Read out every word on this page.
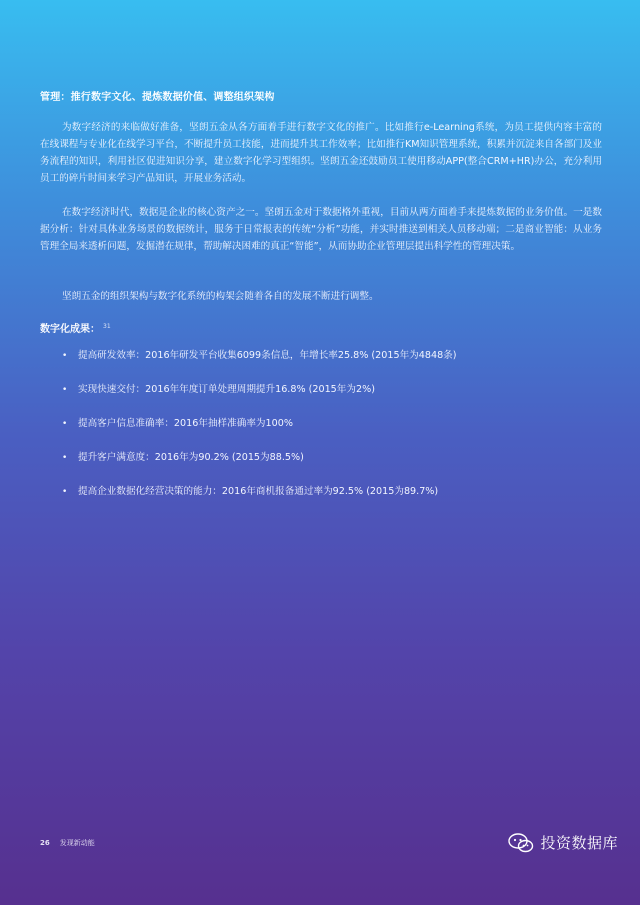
管理：推行数字文化、提炼数据价值、调整组织架构

为数字经济的来临做好准备，坚朗五金从各方面着手进行数字文化的推广。比如推行e-Learning系统，为员工提供内容丰富的在线课程与专业化在线学习平台，不断提升员工技能，进而提升其工作效率；比如推行KM知识管理系统，积累并沉淀来自各部门及业务流程的知识，利用社区促进知识分享，建立数字化学习型组织。坚朗五金还鼓励员工使用移动APP(整合CRM+HR)办公，充分利用员工的碎片时间来学习产品知识，开展业务活动。

在数字经济时代，数据是企业的核心资产之一。坚朗五金对于数据格外重视，目前从两方面着手来提炼数据的业务价值。一是数据分析：针对具体业务场景的数据统计，服务于日常报表的传统“分析”功能，并实时推送到相关人员移动端；二是商业智能：从业务管理全局来透析问题，发掘潜在规律，帮助解决困难的真正“智能”，从而协助企业管理层提出科学性的管理决策。

坚朗五金的组织架构与数字化系统的构架会随着各自的发展不断进行调整。

数字化成果： $^{31}$
• 提高研发效率：2016年研发平台收集6099条信息，年增长率25.8% (2015年为4848条)
• 实现快速交付：2016年年度订单处理周期提升16.8% (2015年为2%)
• 提高客户信息准确率：2016年抽样准确率为100%
• 提升客户满意度：2016年为90.2% (2015为88.5%)
• 提高企业数据化经营决策的能力：2016年商机报备通过率为92.5% (2015为89.7%)
26 发现新动能	投资数据库
